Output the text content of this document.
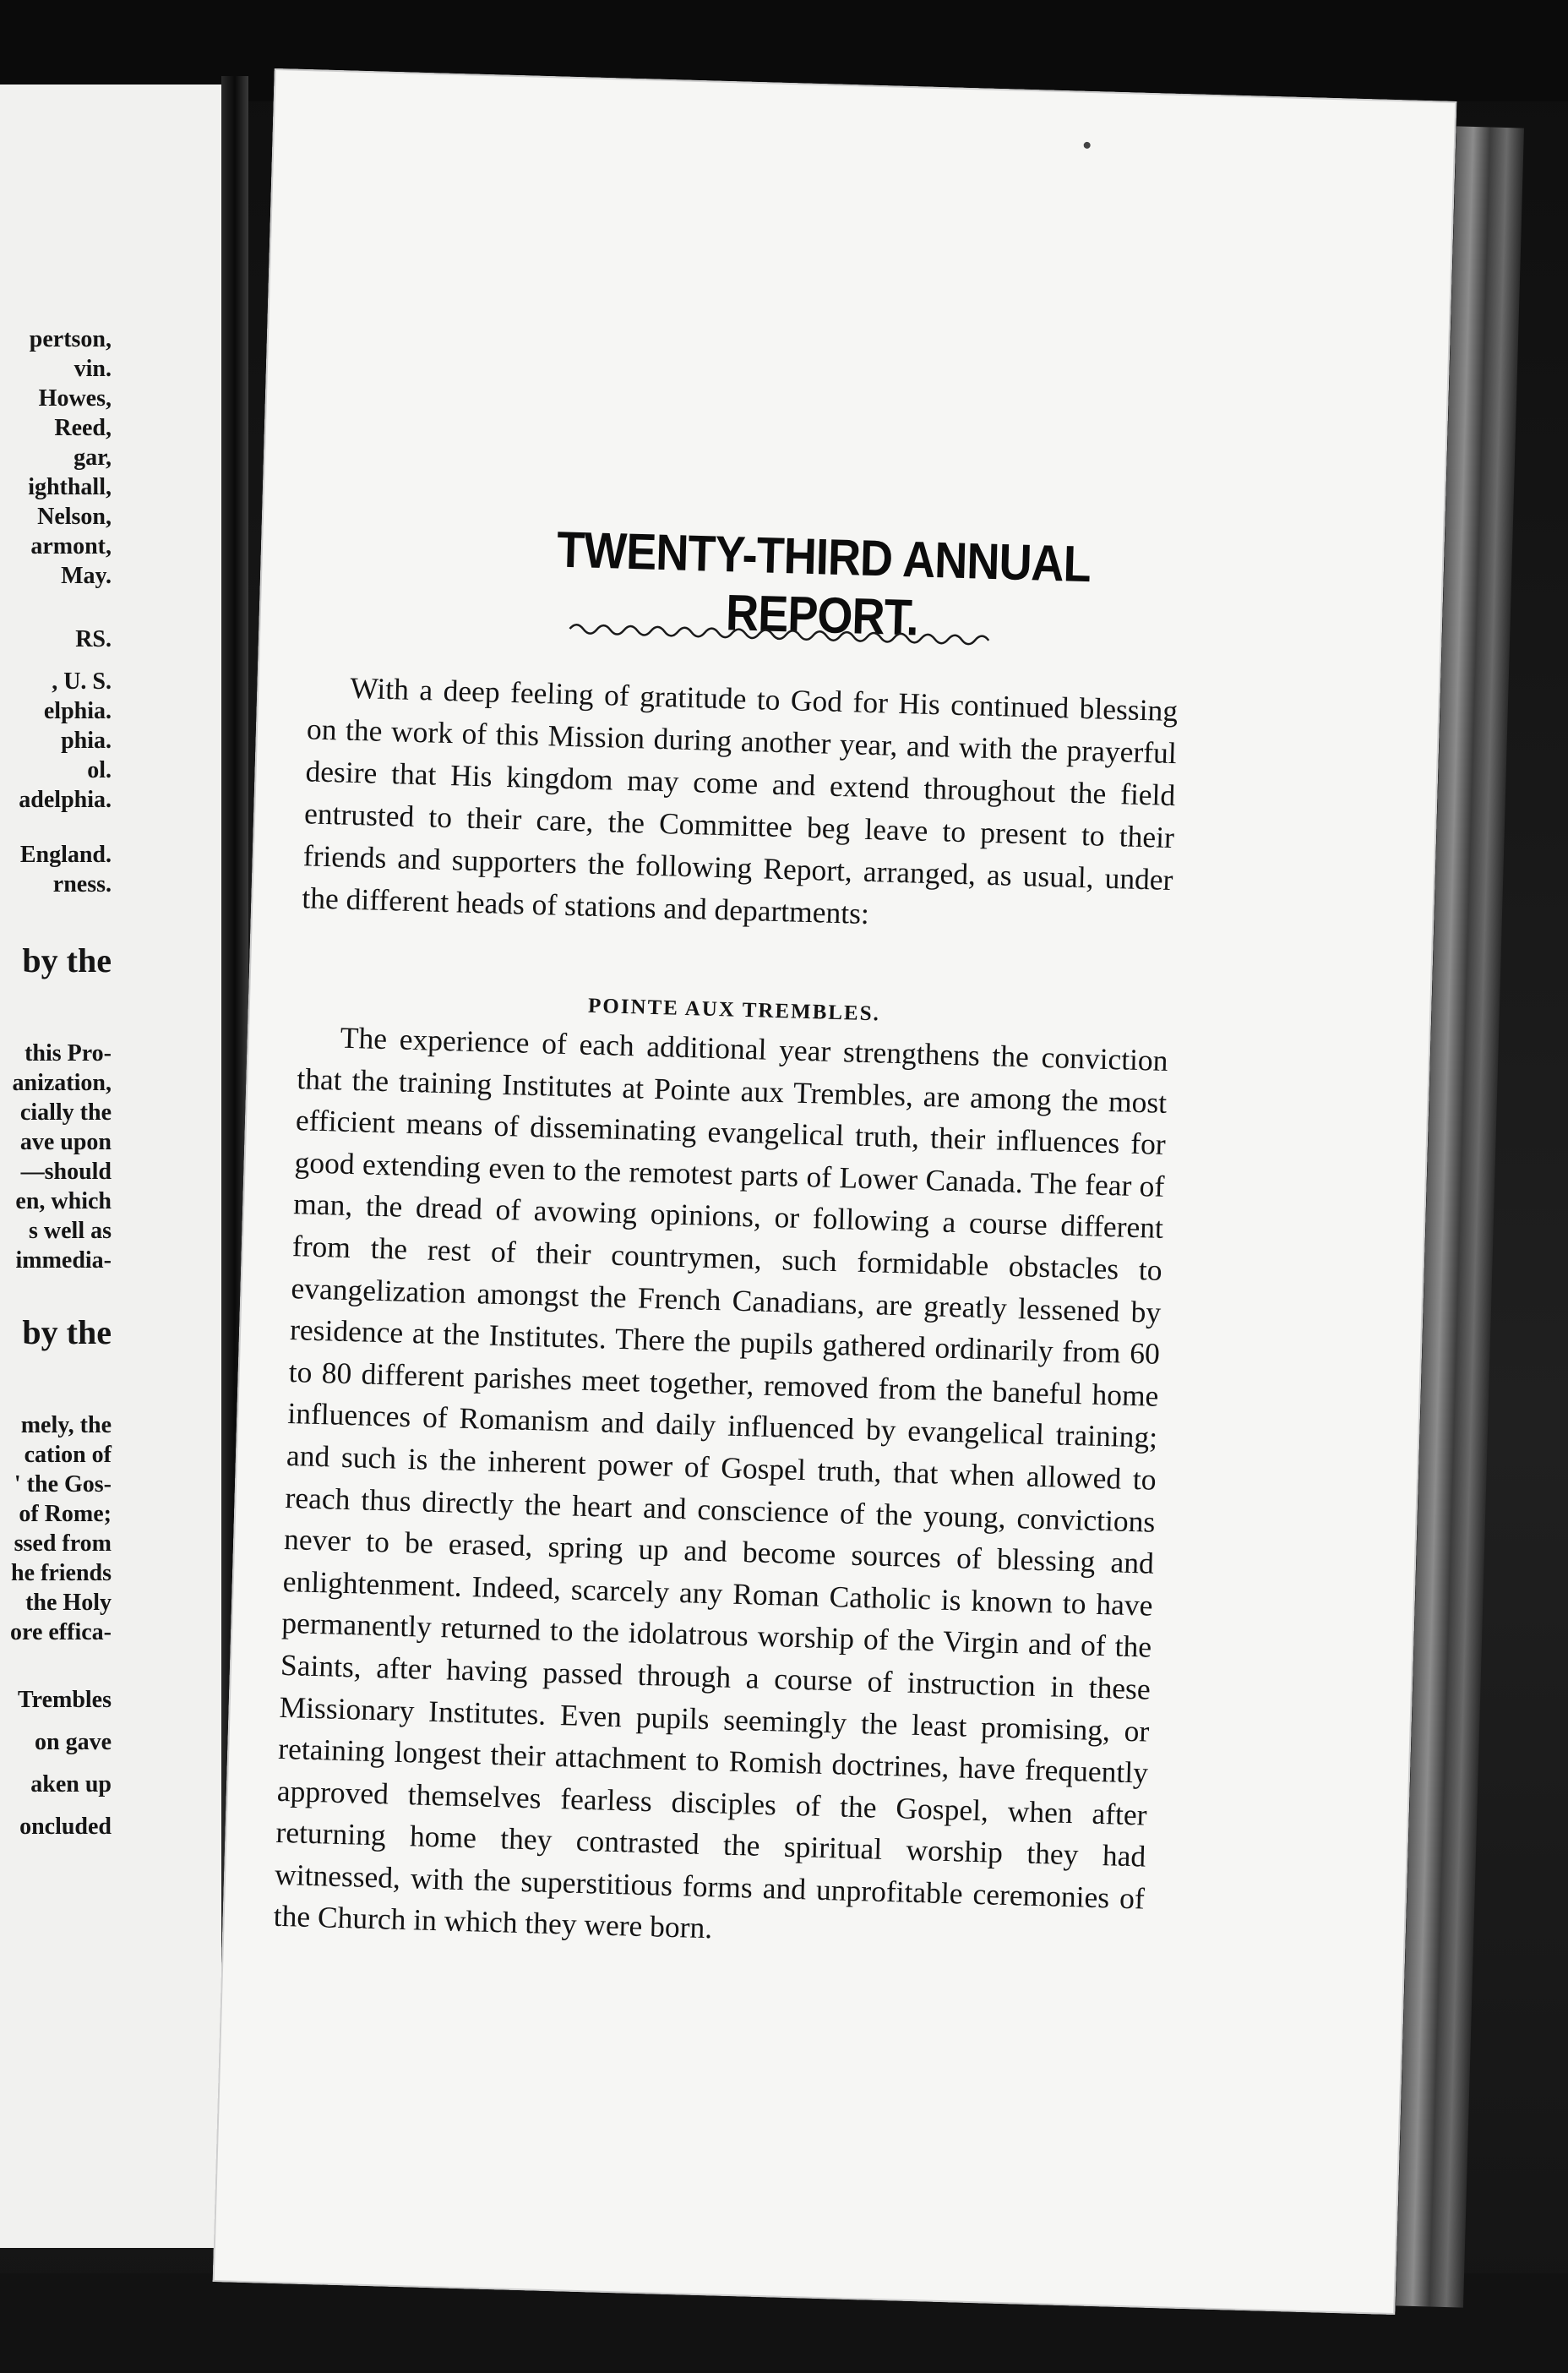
pertson,

vin.

Howes,

Reed,

gar,

ighthall,

Nelson,

armont,

May.

RS.

, U. S.

elphia.

phia.

ol.

adelphia.

England.

rness.

by the

this Pro-

anization,

cially the

ave upon

—should

en, which

s well as

immedia-

by the

mely, the

cation of

' the Gos-

of Rome;

ssed from

he friends

the Holy

ore effica-

Trembles

on gave

aken up

oncluded

TWENTY-THIRD ANNUAL REPORT.

With a deep feeling of gratitude to God for His continued blessing on the work of this Mission during another year, and with the prayerful desire that His kingdom may come and extend throughout the field entrusted to their care, the Committee beg leave to present to their friends and supporters the following Report, arranged, as usual, under the different heads of stations and departments:

POINTE AUX TREMBLES.

The experience of each additional year strengthens the conviction that the training Institutes at Pointe aux Trembles, are among the most efficient means of disseminating evangelical truth, their influences for good extending even to the remotest parts of Lower Canada. The fear of man, the dread of avowing opinions, or following a course different from the rest of their countrymen, such formidable obstacles to evangelization amongst the French Canadians, are greatly lessened by residence at the Institutes. There the pupils gathered ordinarily from 60 to 80 different parishes meet together, removed from the baneful home influences of Romanism and daily influenced by evangelical training; and such is the inherent power of Gospel truth, that when allowed to reach thus directly the heart and conscience of the young, convictions never to be erased, spring up and become sources of blessing and enlightenment. Indeed, scarcely any Roman Catholic is known to have permanently returned to the idolatrous worship of the Virgin and of the Saints, after having passed through a course of instruction in these Missionary Institutes. Even pupils seemingly the least promising, or retaining longest their attachment to Romish doctrines, have frequently approved themselves fearless disciples of the Gospel, when after returning home they contrasted the spiritual worship they had witnessed, with the superstitious forms and unprofitable ceremonies of the Church in which they were born.
